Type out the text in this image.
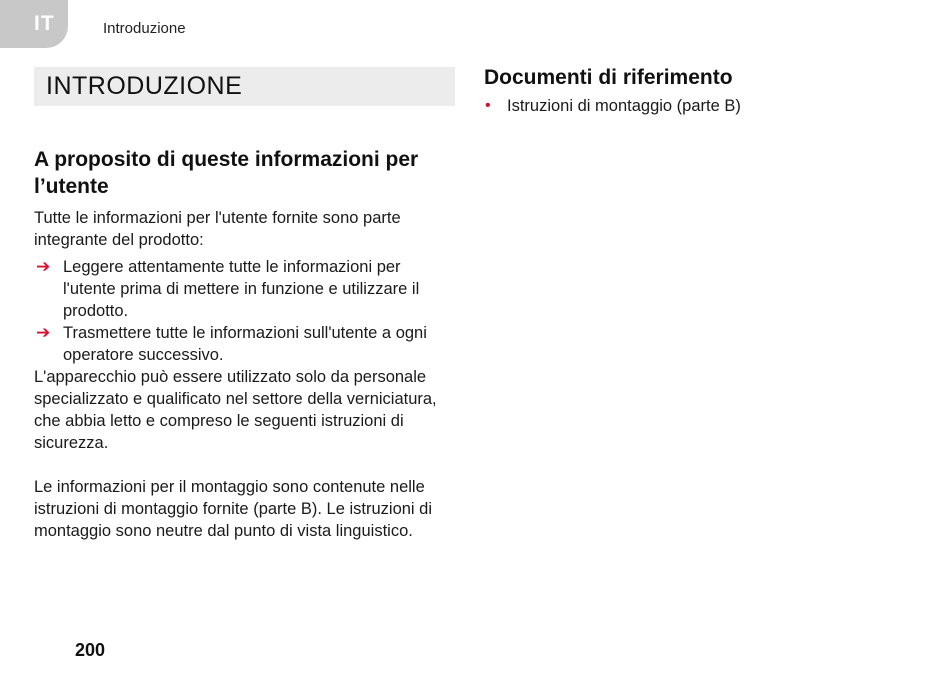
IT	Introduzione
INTRODUZIONE
A proposito di queste informazioni per l’utente

Tutte le informazioni per l'utente fornite sono parte integrante del prodotto:

➔ Leggere attentamente tutte le informazioni per l'utente prima di mettere in funzione e utilizzare il prodotto.
➔ Trasmettere tutte le informazioni sull'utente a ogni operatore successivo.

L'apparecchio può essere utilizzato solo da personale specializzato e qualificato nel settore della verniciatura, che abbia letto e compreso le seguenti istruzioni di sicurezza.

Le informazioni per il montaggio sono contenute nelle istruzioni di montaggio fornite (parte B). Le istruzioni di montaggio sono neutre dal punto di vista linguistico.

Documenti di riferimento
• Istruzioni di montaggio (parte B)
200
